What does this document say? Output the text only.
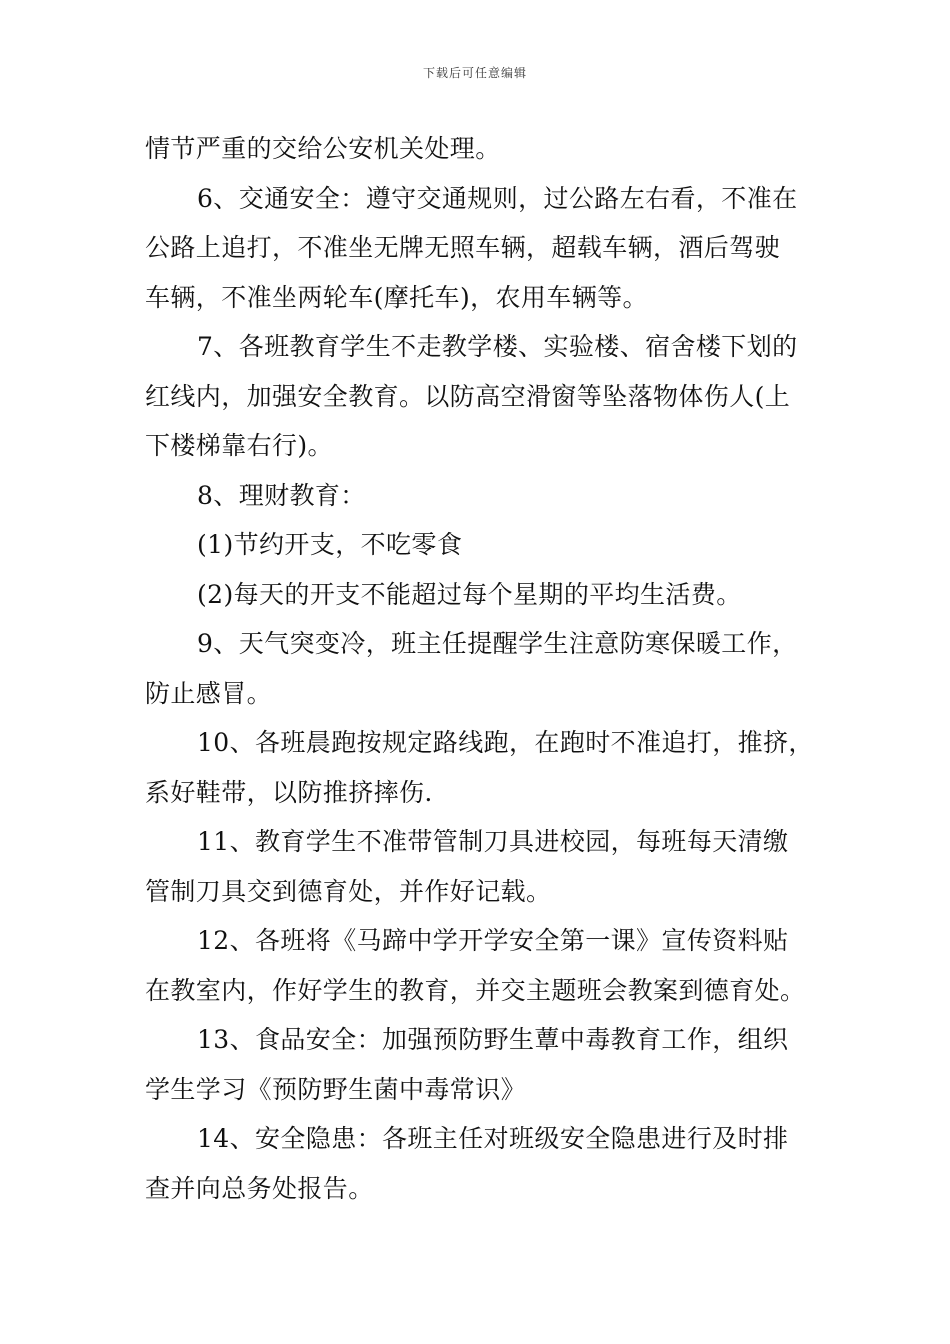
下载后可任意编辑
情节严重的交给公安机关处理。
6、交通安全：遵守交通规则，过公路左右看，不准在
公路上追打，不准坐无牌无照车辆，超载车辆，酒后驾驶
车辆，不准坐两轮车(摩托车)，农用车辆等。
7、各班教育学生不走教学楼、实验楼、宿舍楼下划的
红线内，加强安全教育。以防高空滑窗等坠落物体伤人(上
下楼梯靠右行)。
8、理财教育：
(1)节约开支，不吃零食
(2)每天的开支不能超过每个星期的平均生活费。
9、天气突变冷，班主任提醒学生注意防寒保暖工作，
防止感冒。
10、各班晨跑按规定路线跑，在跑时不准追打，推挤，
系好鞋带，以防推挤摔伤.
11、教育学生不准带管制刀具进校园，每班每天清缴
管制刀具交到德育处，并作好记载。
12、各班将《马蹄中学开学安全第一课》宣传资料贴
在教室内，作好学生的教育，并交主题班会教案到德育处。
13、食品安全：加强预防野生蕈中毒教育工作，组织
学生学习《预防野生菌中毒常识》
14、安全隐患：各班主任对班级安全隐患进行及时排
查并向总务处报告。
